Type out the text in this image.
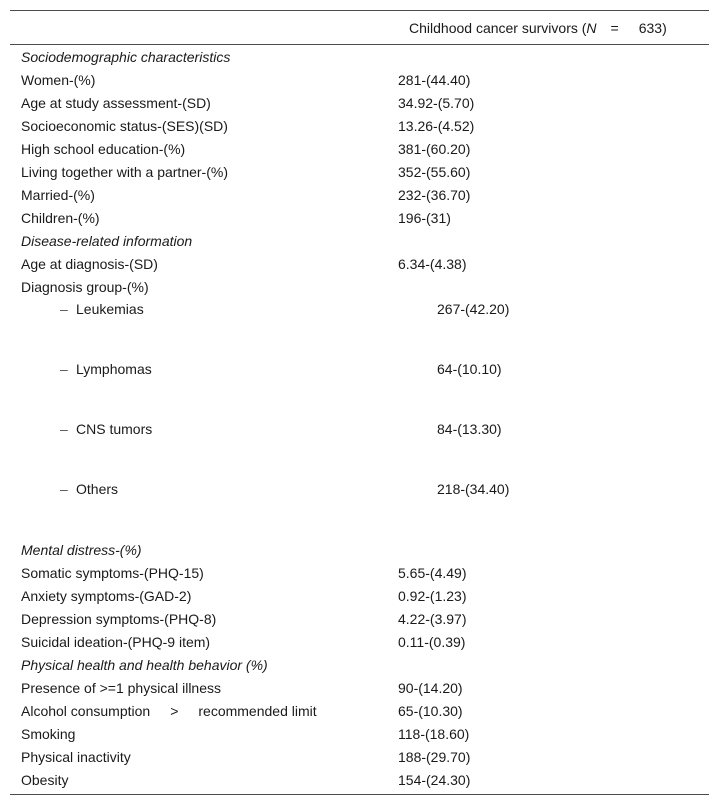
Childhood cancer survivors (N = 633)
Sociodemographic characteristics
Women-(%)	281-(44.40)
Age at study assessment-(SD)	34.92-(5.70)
Socioeconomic status-(SES)(SD)	13.26-(4.52)
High school education-(%)	381-(60.20)
Living together with a partner-(%)	352-(55.60)
Married-(%)	232-(36.70)
Children-(%)	196-(31)
Disease-related information
Age at diagnosis-(SD)	6.34-(4.38)
Diagnosis group-(%)
– Leukemias	267-(42.20)
– Lymphomas	64-(10.10)
– CNS tumors	84-(13.30)
– Others	218-(34.40)
Mental distress-(%)
Somatic symptoms-(PHQ-15)	5.65-(4.49)
Anxiety symptoms-(GAD-2)	0.92-(1.23)
Depression symptoms-(PHQ-8)	4.22-(3.97)
Suicidal ideation-(PHQ-9 item)	0.11-(0.39)
Physical health and health behavior (%)
Presence of >=1 physical illness	90-(14.20)
Alcohol consumption > recommended limit	65-(10.30)
Smoking	118-(18.60)
Physical inactivity	188-(29.70)
Obesity	154-(24.30)
